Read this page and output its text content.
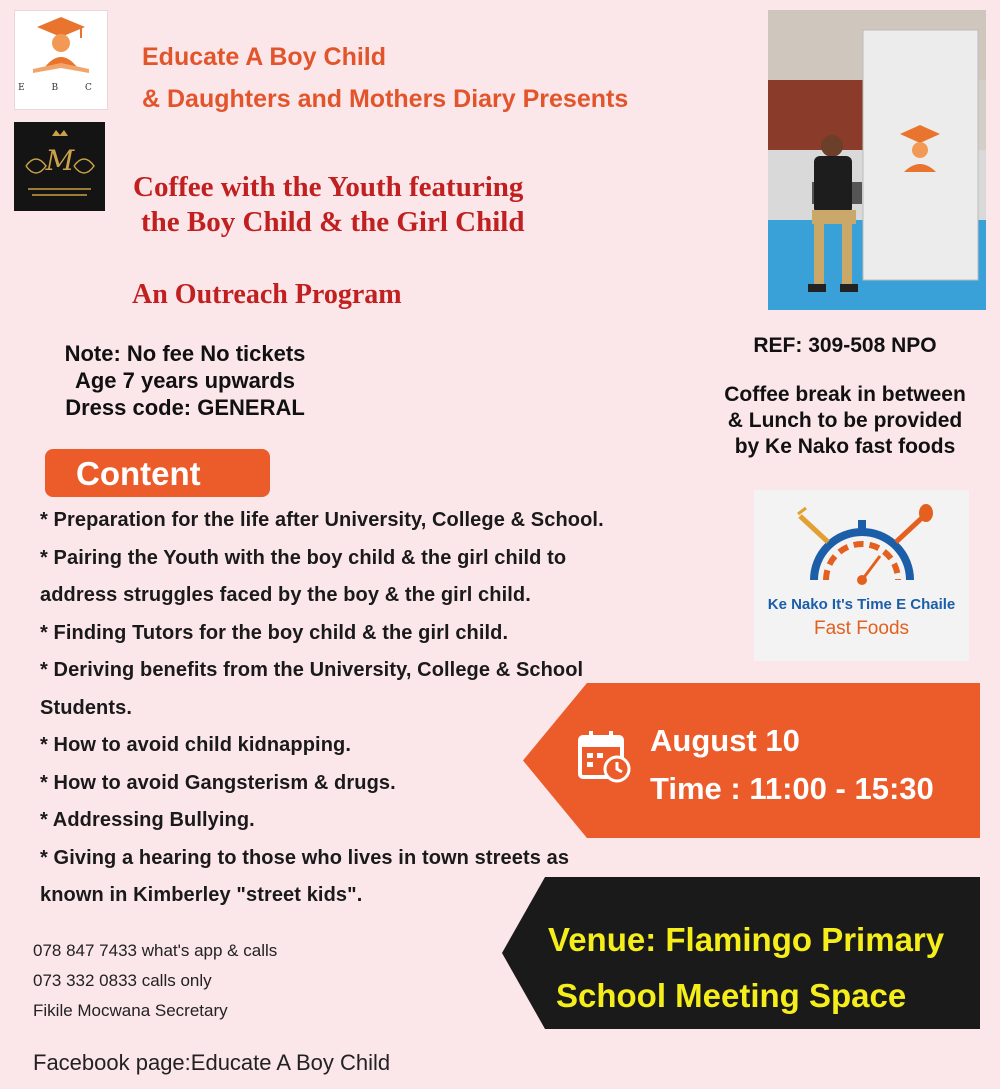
E B C
M
Educate A Boy Child
& Daughters and Mothers Diary Presents
Coffee with the Youth featuring
the Boy Child & the Girl Child
An Outreach Program
Note: No fee No tickets
Age 7 years upwards
Dress code: GENERAL
REF: 309-508 NPO
Coffee break in between
& Lunch to be provided
by Ke Nako fast foods
Ke Nako It's Time E Chaile
Fast Foods
Content
* Preparation for the life after University, College & School.
* Pairing the Youth with the boy child & the girl child to
address struggles faced by the boy & the girl child.
* Finding Tutors for the boy child & the girl child.
* Deriving benefits from the University, College & School
Students.
* How to avoid child kidnapping.
* How to avoid Gangsterism & drugs.
* Addressing Bullying.
* Giving a hearing to those who lives in town streets as
known in Kimberley "street kids".
August 10
Time : 11:00 - 15:30
Venue: Flamingo Primary
School Meeting Space
078 847 7433 what's app & calls
073 332 0833 calls only
Fikile Mocwana Secretary
Facebook page:Educate A Boy Child
